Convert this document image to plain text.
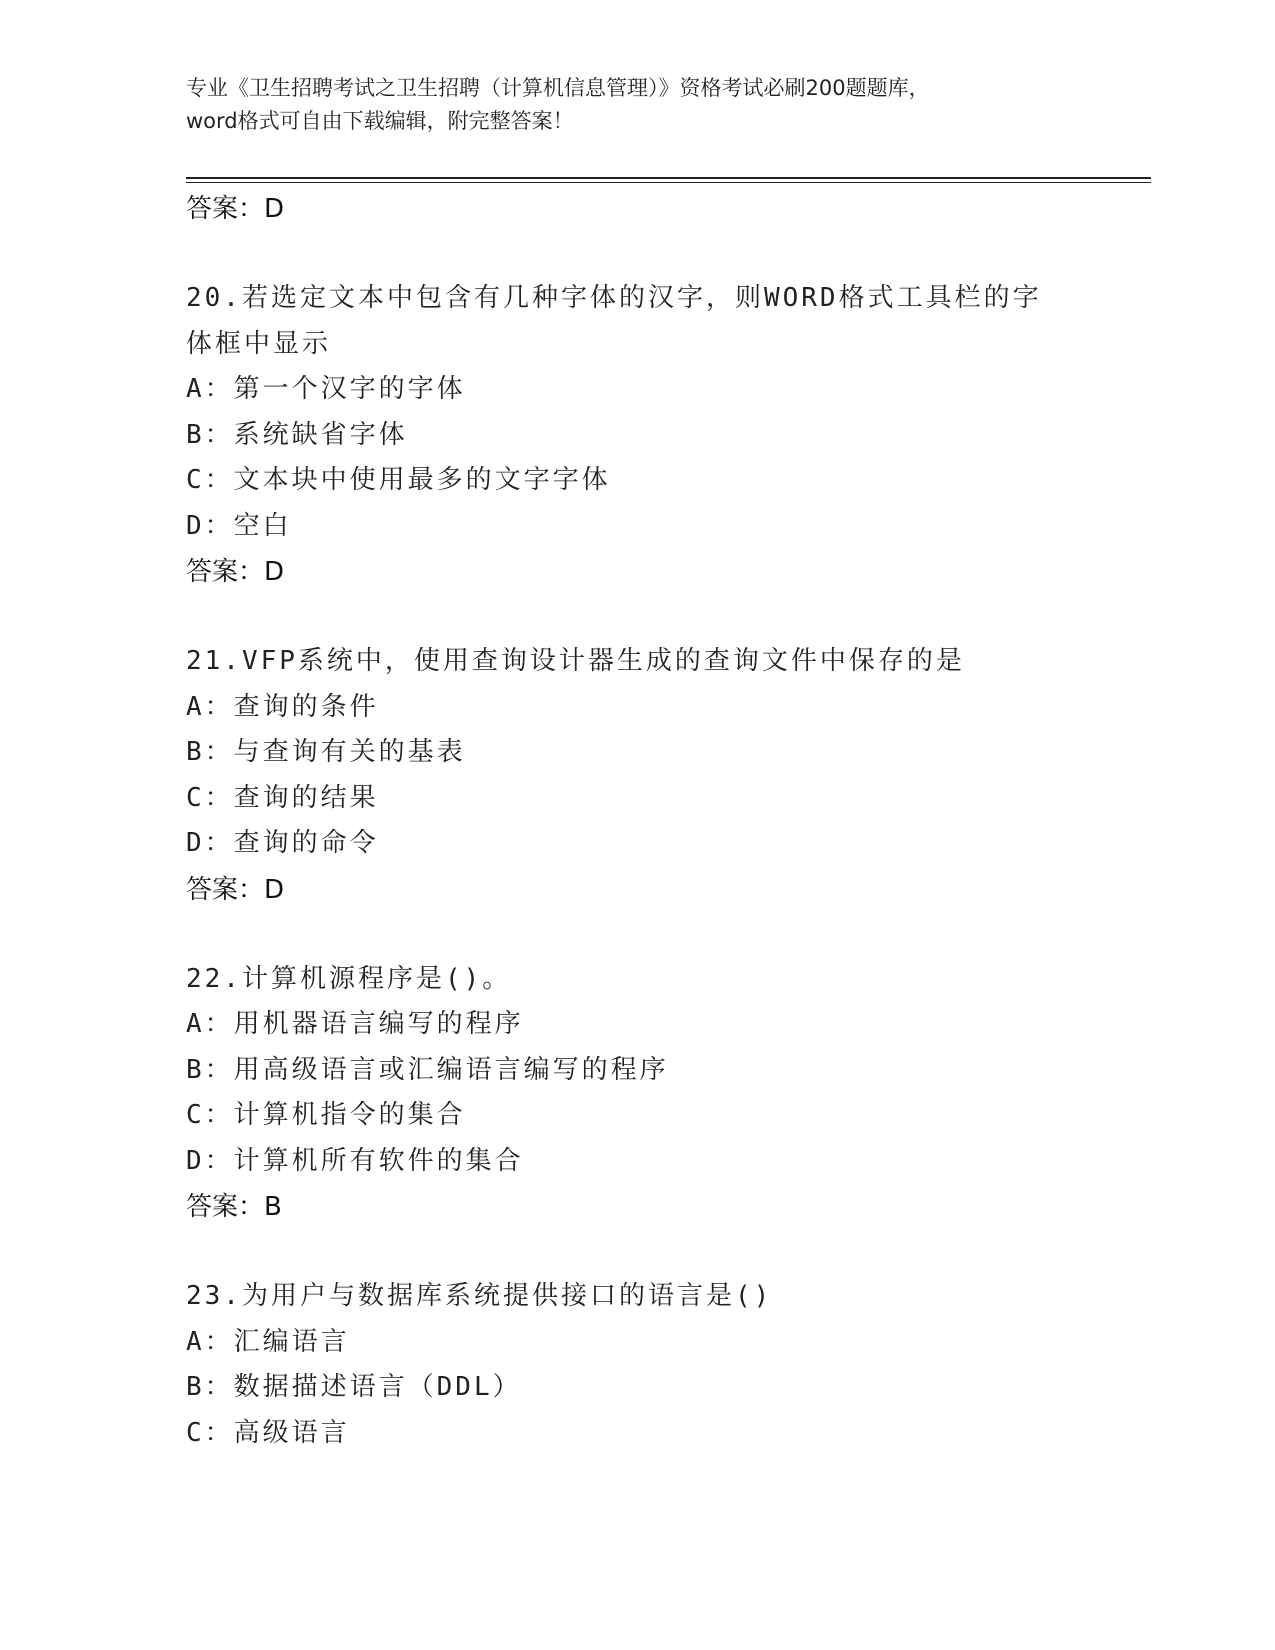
专业《卫生招聘考试之卫生招聘（计算机信息管理）》资格考试必刷200题题库，

word格式可自由下载编辑，附完整答案！

答案：D

20.若选定文本中包含有几种字体的汉字，则WORD格式工具栏的字体框中显示

A：第一个汉字的字体

B：系统缺省字体

C：文本块中使用最多的文字字体

D：空白

答案：D

21.VFP系统中，使用查询设计器生成的查询文件中保存的是

A：查询的条件

B：与查询有关的基表

C：查询的结果

D：查询的命令

答案：D

22.计算机源程序是()。

A：用机器语言编写的程序

B：用高级语言或汇编语言编写的程序

C：计算机指令的集合

D：计算机所有软件的集合

答案：B

23.为用户与数据库系统提供接口的语言是()

A：汇编语言

B：数据描述语言（DDL）

C：高级语言
